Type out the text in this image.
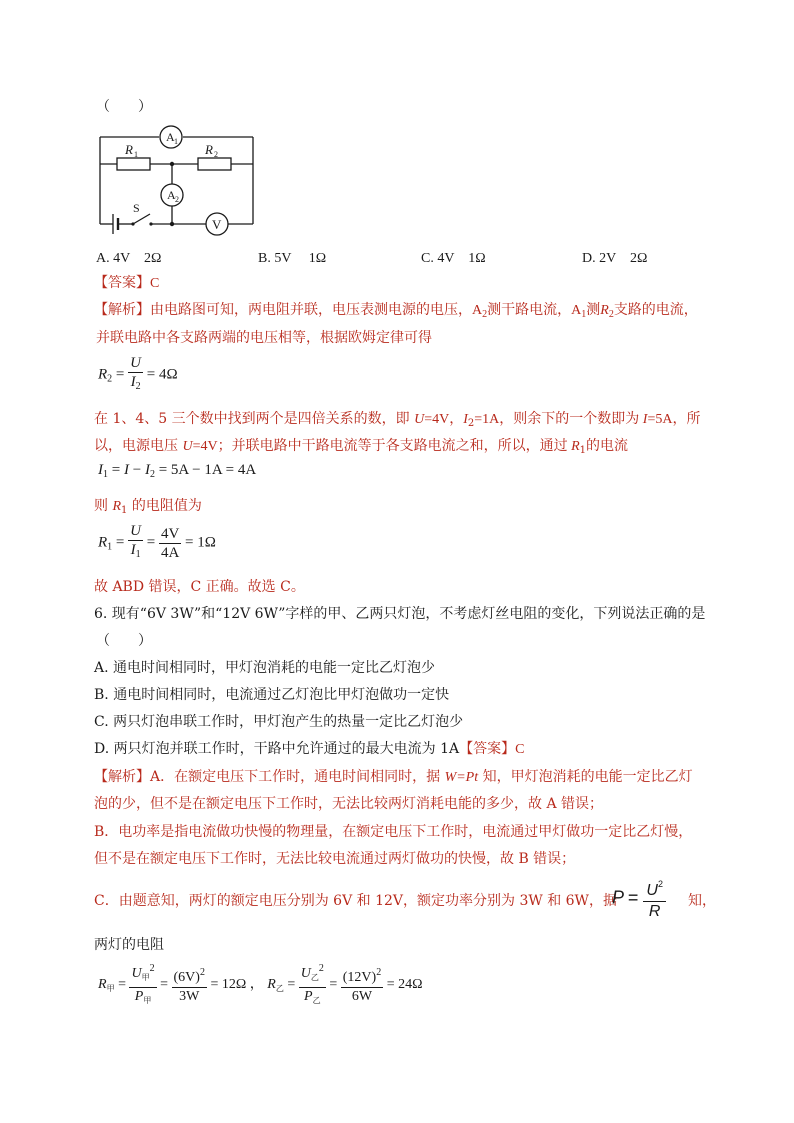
（　　）
A 1
A 2
V
R 1	R 2
S
A. 4V　2Ω	B. 5V　 1Ω	C. 4V　1Ω	D. 2V　2Ω
【答案】C
【解析】由电路图可知，两电阻并联，电压表测电源的电压，$A_2$测干路电流，$A_1$测$R_2$支路的电流，
并联电路中各支路两端的电压相等，根据欧姆定律可得
$R_2 = \frac{U}{I_2} = 4\Omega$
在 1、4、5 三个数中找到两个是四倍关系的数，即 U=4V，$I_2=1A$，则余下的一个数即为 I=5A，所
以，电源电压 U=4V；并联电路中干路电流等于各支路电流之和，所以，通过 $R_1$的电流
$I_1 = I - I_2 = 5A - 1A = 4A$
则 $R_1$ 的电阻值为
$R_1 = \frac{U}{I_1} = \frac{4V}{4A} = 1\Omega$
故 ABD 错误，C 正确。故选 C。
6. 现有“6V 3W”和“12V 6W”字样的甲、乙两只灯泡，不考虑灯丝电阻的变化，下列说法正确的是
（　　）
A. 通电时间相同时，甲灯泡消耗的电能一定比乙灯泡少
B. 通电时间相同时，电流通过乙灯泡比甲灯泡做功一定快
C. 两只灯泡串联工作时，甲灯泡产生的热量一定比乙灯泡少
D. 两只灯泡并联工作时，干路中允许通过的最大电流为 1A【答案】C
【解析】A．在额定电压下工作时，通电时间相同时，据 W=Pt 知，甲灯泡消耗的电能一定比乙灯
泡的少，但不是在额定电压下工作时，无法比较两灯消耗电能的多少，故 A 错误；
B．电功率是指电流做功快慢的物理量，在额定电压下工作时，电流通过甲灯做功一定比乙灯慢，
但不是在额定电压下工作时，无法比较电流通过两灯做功的快慢，故 B 错误；
C．由题意知，两灯的额定电压分别为 6V 和 12V，额定功率分别为 3W 和 6W，据
$P = \frac{U^2}{R}$ 知，
两灯的电阻
$R_甲 = \frac{U_甲^2}{P_甲} = \frac{(6V)^2}{3W} = 12\Omega$ ， $R_乙 = \frac{U_乙^2}{P_乙} = \frac{(12V)^2}{6W} = 24\Omega$
